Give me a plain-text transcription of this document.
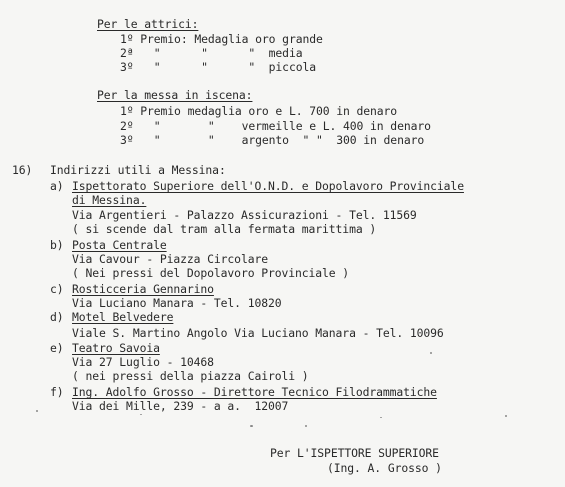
Per le attrici:
1º Premio: Medaglia oro grande
2ª   "      "      "  media
3º   "      "      "  piccola
Per la messa in iscena:
1º Premio medaglia oro e L. 700 in denaro
2º   "       "    vermeille e L. 400 in denaro
3º   "       "    argento  " "  300 in denaro
16) Indirizzi utili a Messina:
a) Ispettorato Superiore dell'O.N.D. e Dopolavoro Provinciale
di Messina.
Via Argentieri - Palazzo Assicurazioni - Tel. 11569
( si scende dal tram alla fermata marittima )
b) Posta Centrale
Via Cavour - Piazza Circolare
( Nei pressi del Dopolavoro Provinciale )
c) Rosticceria Gennarino
Via Luciano Manara - Tel. 10820
d) Motel Belvedere
Viale S. Martino Angolo Via Luciano Manara - Tel. 10096
e) Teatro Savoia
Via 27 Luglio - 10468
( nei pressi della piazza Cairoli )
f) Ing. Adolfo Grosso - Direttore Tecnico Filodrammatiche
Via dei Mille, 239 - a a.  12007
Per L'ISPETTORE SUPERIORE
(Ing. A. Grosso )
